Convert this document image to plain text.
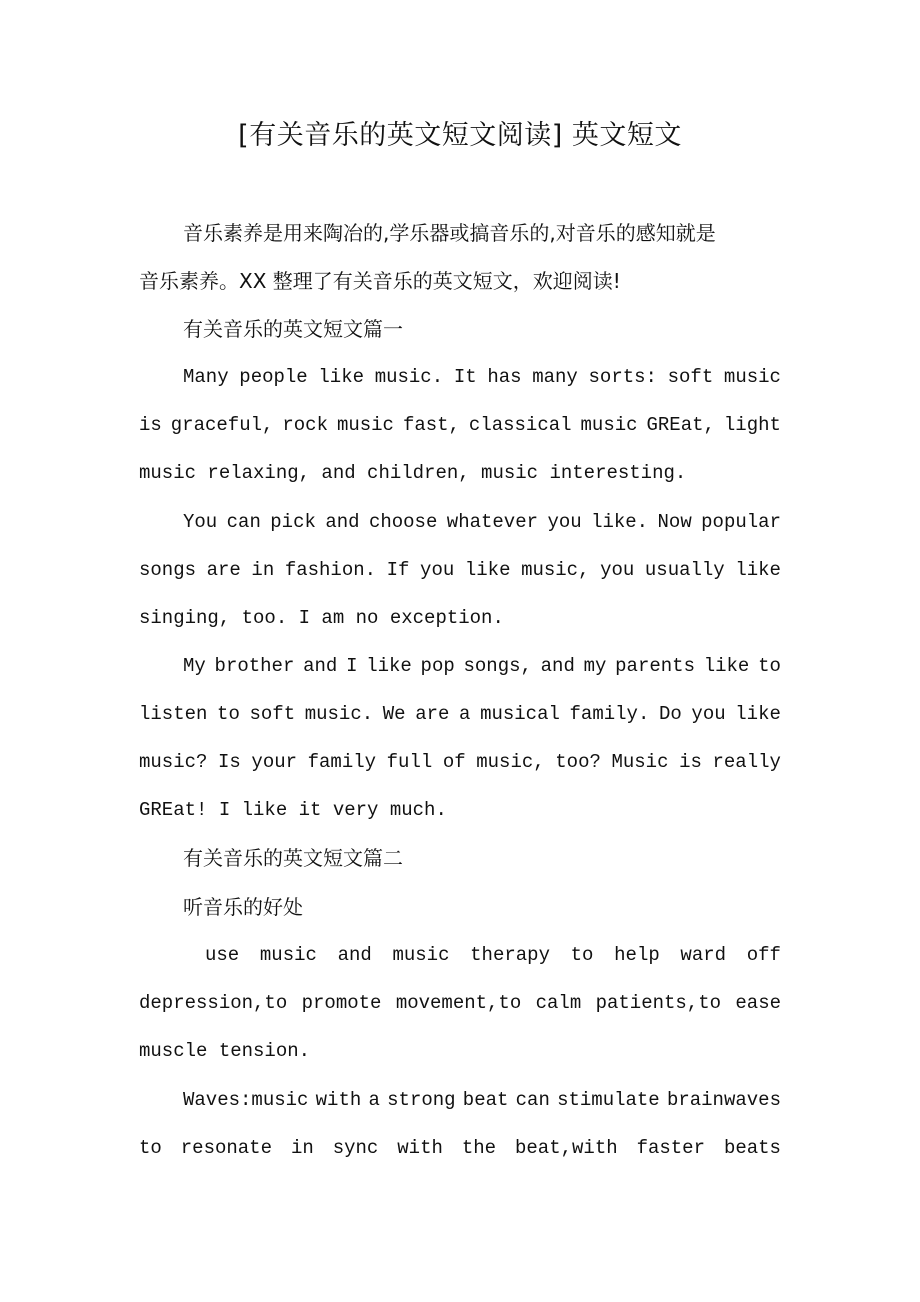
[有关音乐的英文短文阅读] 英文短文
音乐素养是用来陶冶的,学乐器或搞音乐的,对音乐的感知就是
音乐素养。XX 整理了有关音乐的英文短文，欢迎阅读!
有关音乐的英文短文篇一
Many people like music. It has many sorts: soft music
is graceful, rock music fast, classical music GREat, light
music relaxing, and children, music interesting.
You can pick and choose whatever you like. Now popular
songs are in fashion. If you like music, you usually like
singing, too. I am no exception.
My brother and I like pop songs, and my parents like to
listen to soft music. We are a musical family. Do you like
music? Is your family full of music, too? Music is really
GREat! I like it very much.
有关音乐的英文短文篇二
听音乐的好处
use music and music therapy to help ward off
depression,to promote movement,to calm patients,to ease
muscle tension.
Waves:music with a strong beat can stimulate brainwaves
to resonate in sync with the beat,with faster beats
